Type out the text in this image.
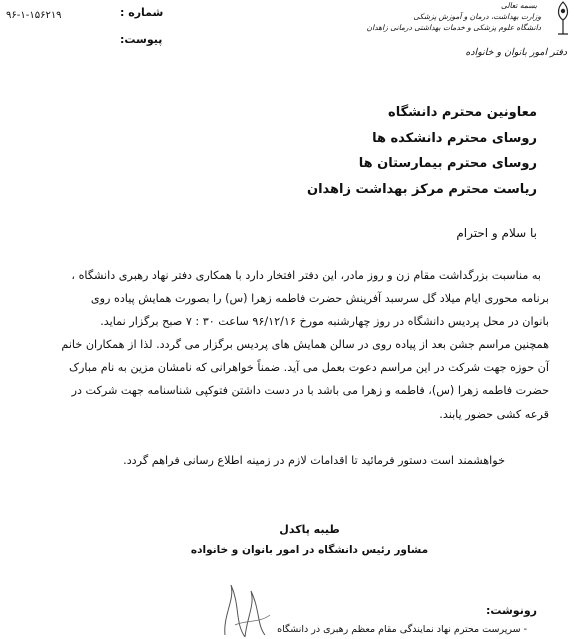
۹۶-۱-۱۵۶۲۱۹	شماره :
پیوست:
بسمه تعالی
وزارت بهداشت، درمان و آموزش پزشکی
دانشگاه علوم پزشکی و خدمات بهداشتی درمانی زاهدان
دفتر امور بانوان و خانواده
معاونین محترم دانشگاه
روسای محترم دانشکده ها
روسای محترم بیمارستان ها
ریاست محترم مرکز بهداشت زاهدان
با سلام و احترام
به مناسبت بزرگداشت مقام زن و روز مادر، این دفتر افتخار دارد با همکاری دفتر نهاد رهبری دانشگاه ،
برنامه محوری ایام میلاد گل سرسبد آفرینش حضرت فاطمه زهرا (س) را بصورت همایش پیاده روی
بانوان در محل پردیس دانشگاه در روز چهارشنبه مورخ ۹۶/۱۲/۱۶ ساعت ۳۰ : ۷ صبح برگزار نماید.
همچنین مراسم جشن بعد از پیاده روی در سالن همایش های پردیس برگزار می گردد. لذا از همکاران خانم
آن حوزه جهت شرکت در این مراسم دعوت بعمل می آید. ضمناً خواهرانی که نامشان مزین به نام مبارک
حضرت فاطمه زهرا (س)، فاطمه و زهرا می باشد با در دست داشتن فتوکپی شناسنامه جهت شرکت در
قرعه کشی حضور یابند.
خواهشمند است دستور فرمائید تا اقدامات لازم در زمینه اطلاع رسانی فراهم گردد.
طیبه پاکدل
مشاور رئیس دانشگاه در امور بانوان و خانواده
رونوشت:
- سرپرست محترم نهاد نمایندگی مقام معظم رهبری در دانشگاه
